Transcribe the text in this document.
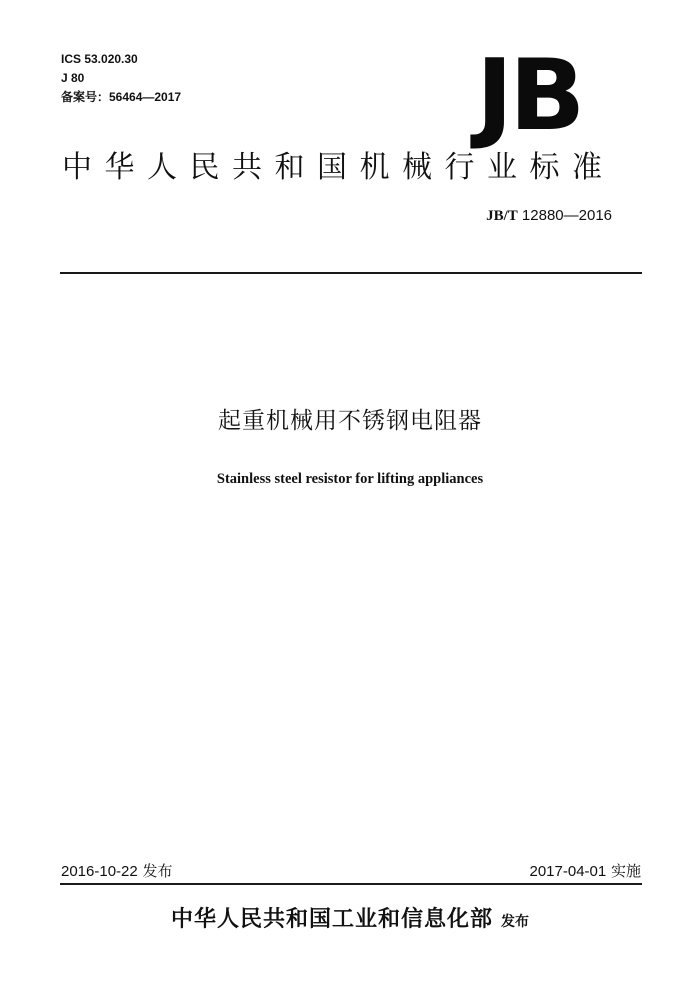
ICS 53.020.30
J 80
备案号：56464—2017	JB
中华人民共和国机械行业标准
JB/T 12880—2016
起重机械用不锈钢电阻器
Stainless steel resistor for lifting appliances
2016-10-22 发布	2017-04-01 实施
中华人民共和国工业和信息化部 发布
